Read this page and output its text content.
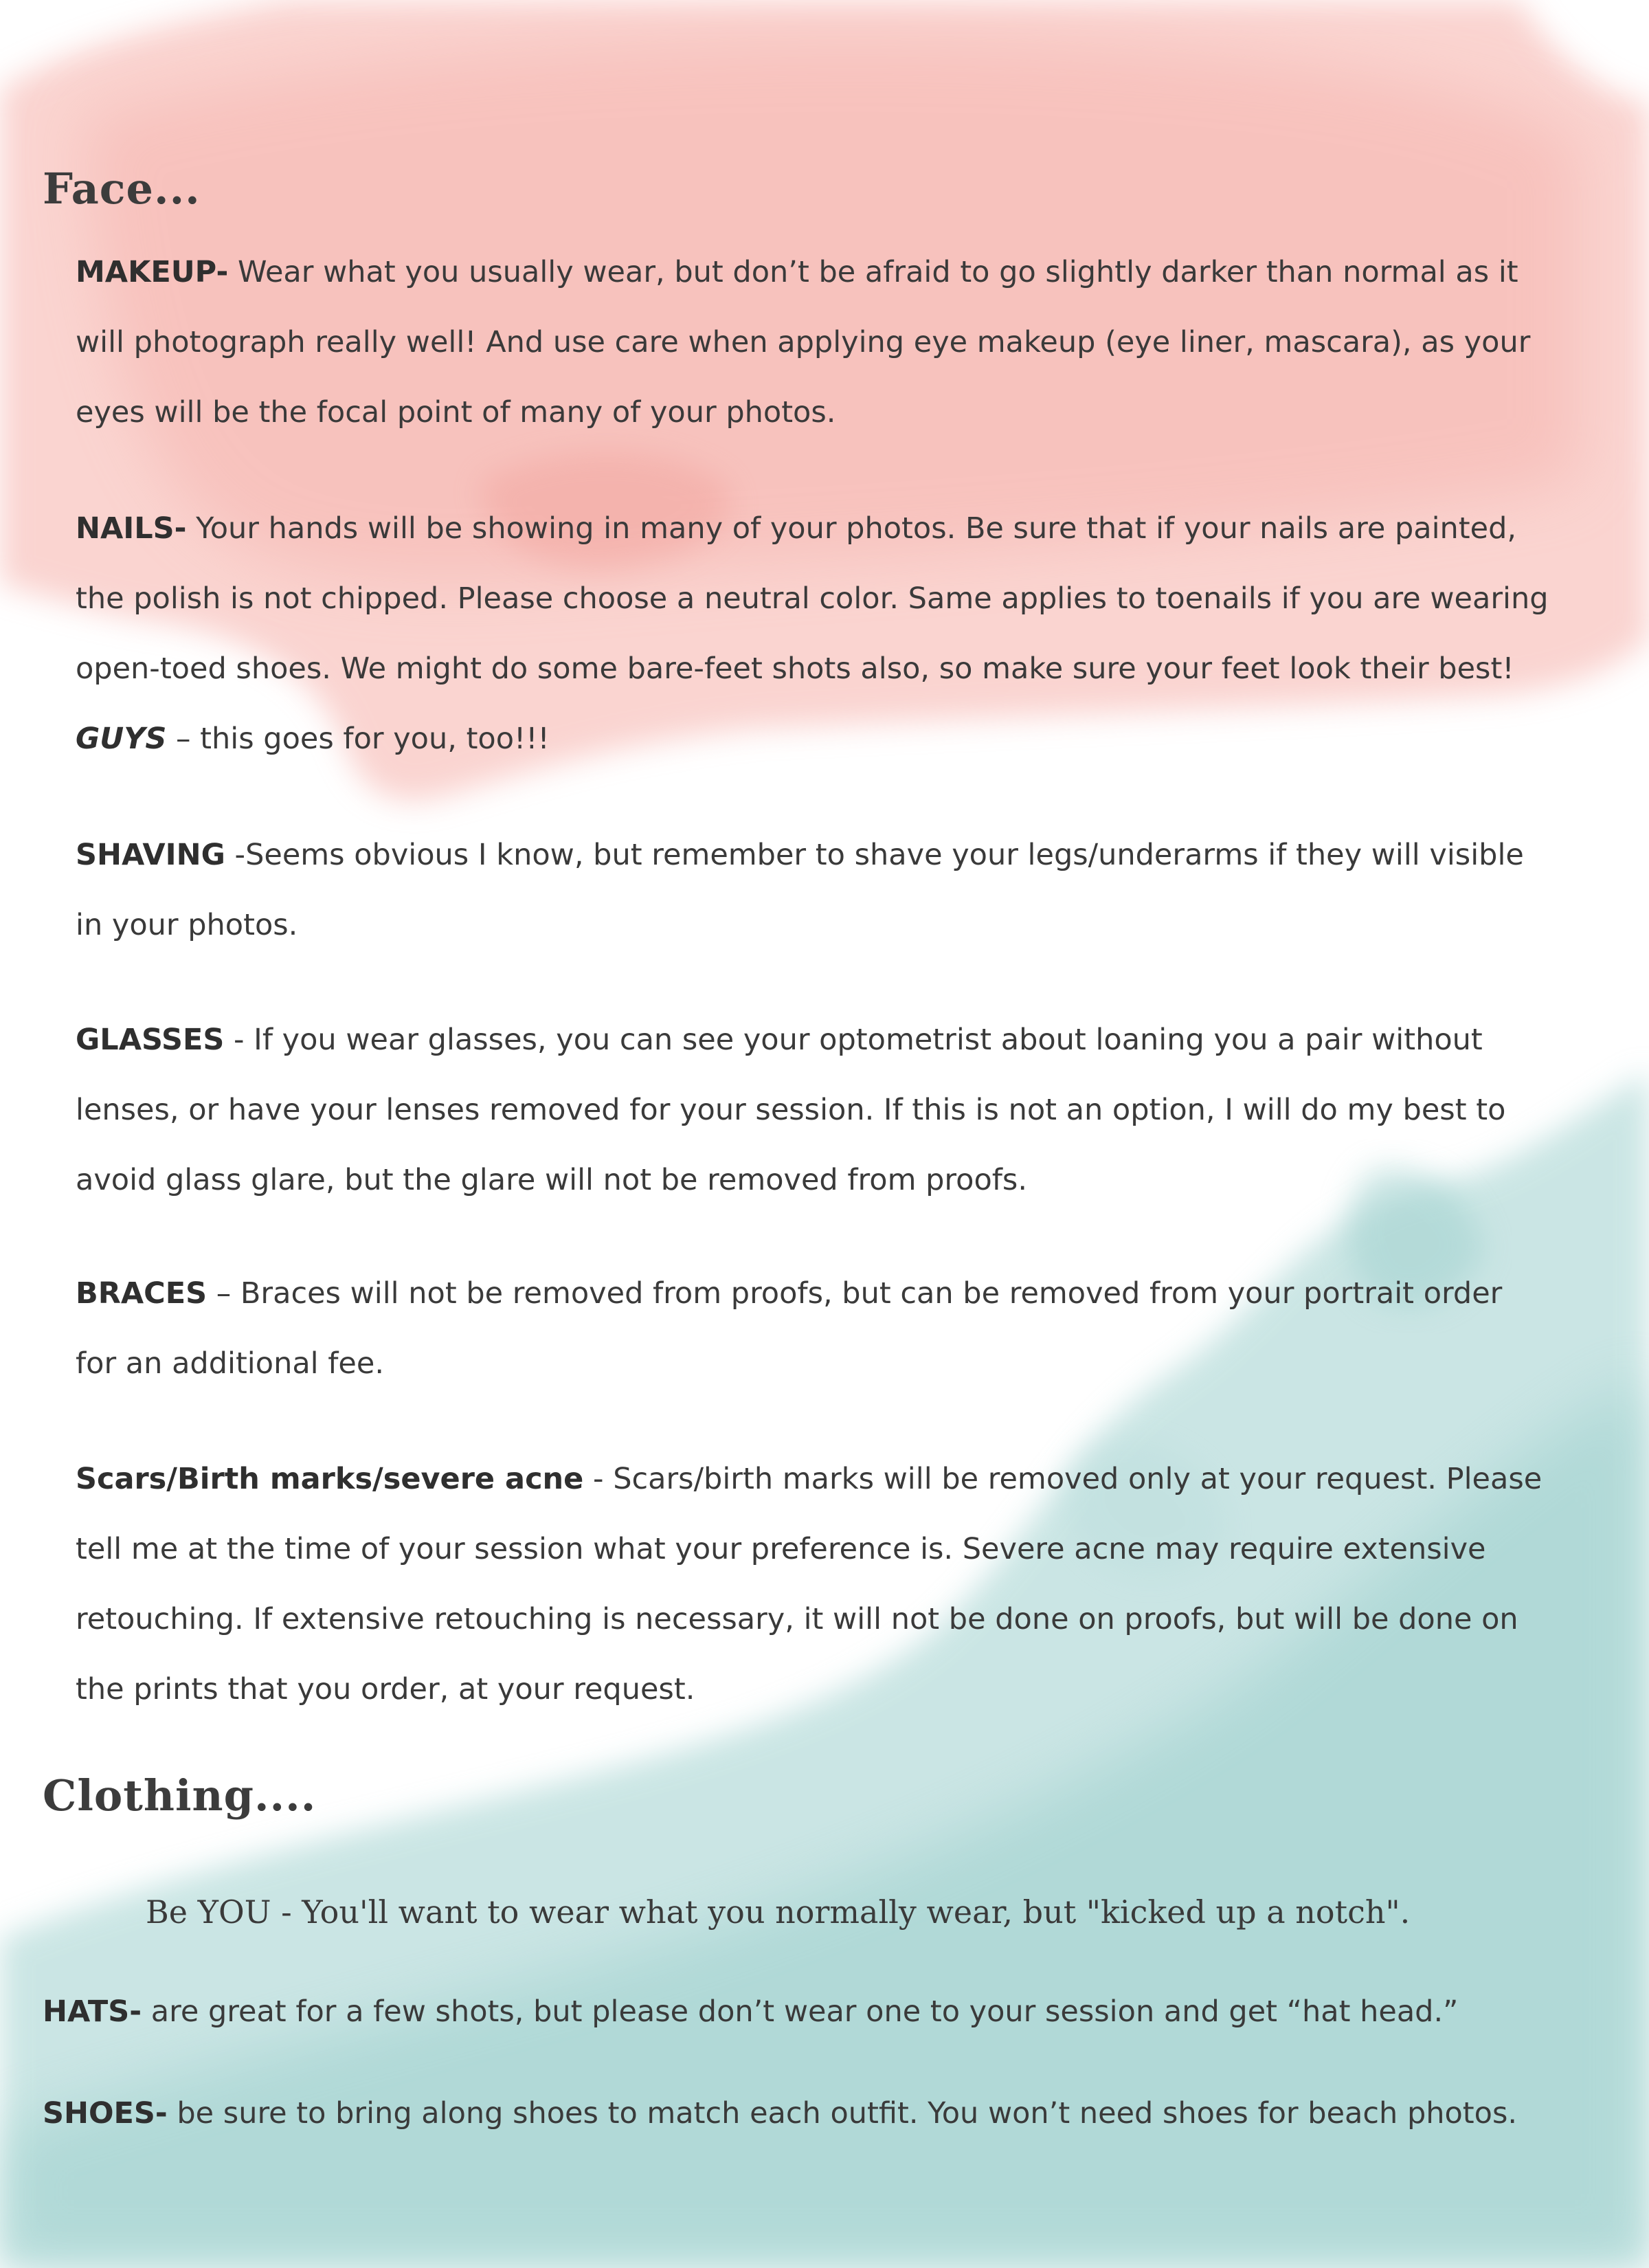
Face...

MAKEUP- Wear what you usually wear, but don’t be afraid to go slightly darker than normal as it
will photograph really well! And use care when applying eye makeup (eye liner, mascara), as your
eyes will be the focal point of many of your photos.

NAILS- Your hands will be showing in many of your photos. Be sure that if your nails are painted,
the polish is not chipped. Please choose a neutral color. Same applies to toenails if you are wearing
open-toed shoes. We might do some bare-feet shots also, so make sure your feet look their best!
GUYS – this goes for you, too!!!

SHAVING -Seems obvious I know, but remember to shave your legs/underarms if they will visible
in your photos.

GLASSES - If you wear glasses, you can see your optometrist about loaning you a pair without
lenses, or have your lenses removed for your session. If this is not an option, I will do my best to
avoid glass glare, but the glare will not be removed from proofs.

BRACES – Braces will not be removed from proofs, but can be removed from your portrait order
for an additional fee.

Scars/Birth marks/severe acne - Scars/birth marks will be removed only at your request. Please
tell me at the time of your session what your preference is. Severe acne may require extensive
retouching. If extensive retouching is necessary, it will not be done on proofs, but will be done on
the prints that you order, at your request.

Clothing....

Be YOU - You'll want to wear what you normally wear, but "kicked up a notch".

HATS- are great for a few shots, but please don’t wear one to your session and get “hat head.”

SHOES- be sure to bring along shoes to match each outfit. You won’t need shoes for beach photos.
